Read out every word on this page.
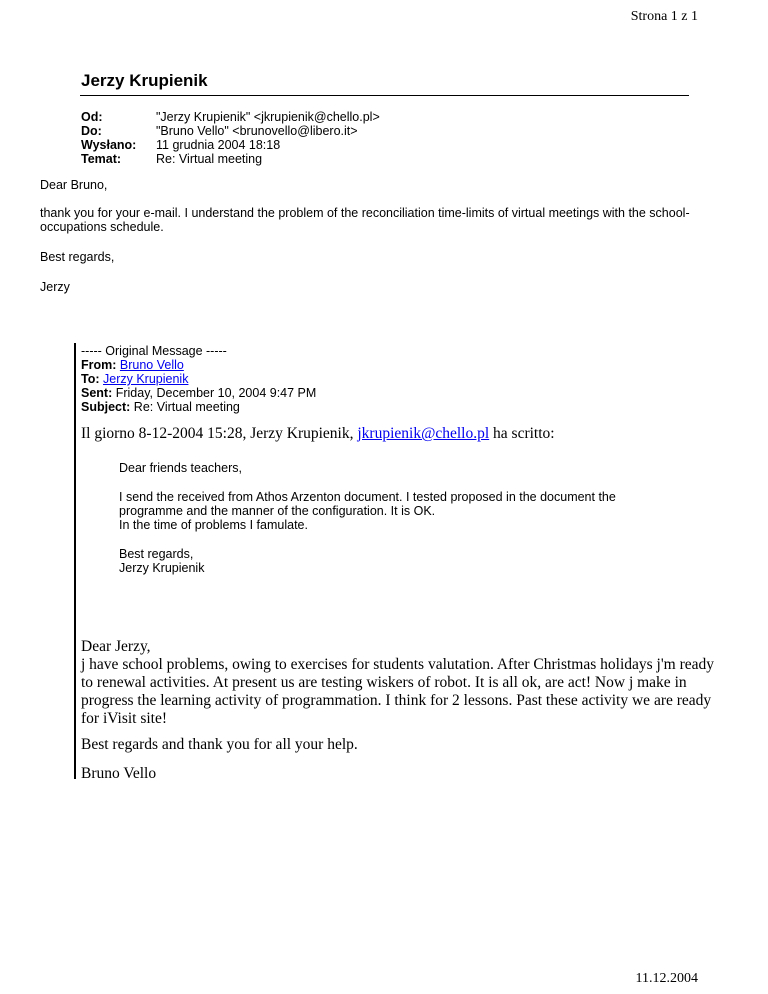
Strona 1 z 1
Jerzy Krupienik
Od:	"Jerzy Krupienik" <jkrupienik@chello.pl>
Do:	"Bruno Vello" <brunovello@libero.it>
Wysłano:	11 grudnia 2004 18:18
Temat:	Re: Virtual meeting
Dear Bruno,
thank you for your e-mail. I understand the problem of the reconciliation time-limits of virtual meetings with the school-occupations schedule.
Best regards,
Jerzy
----- Original Message -----
From: Bruno Vello
To: Jerzy Krupienik
Sent: Friday, December 10, 2004 9:47 PM
Subject: Re: Virtual meeting
Il giorno 8-12-2004 15:28, Jerzy Krupienik, jkrupienik@chello.pl ha scritto:
Dear friends teachers,
I send the received from Athos Arzenton document. I tested proposed in the document the
programme and the manner of the configuration. It is OK.
In the time of problems I famulate.
Best regards,
Jerzy Krupienik
Dear Jerzy,
j have school problems, owing to exercises for students valutation. After Christmas holidays j'm ready to renewal activities. At present us are testing wiskers of robot. It is all ok, are act! Now j make in progress the learning activity of programmation. I think for 2 lessons. Past these activity we are ready for iVisit site!
Best regards and thank you for all your help.
Bruno Vello
11.12.2004
